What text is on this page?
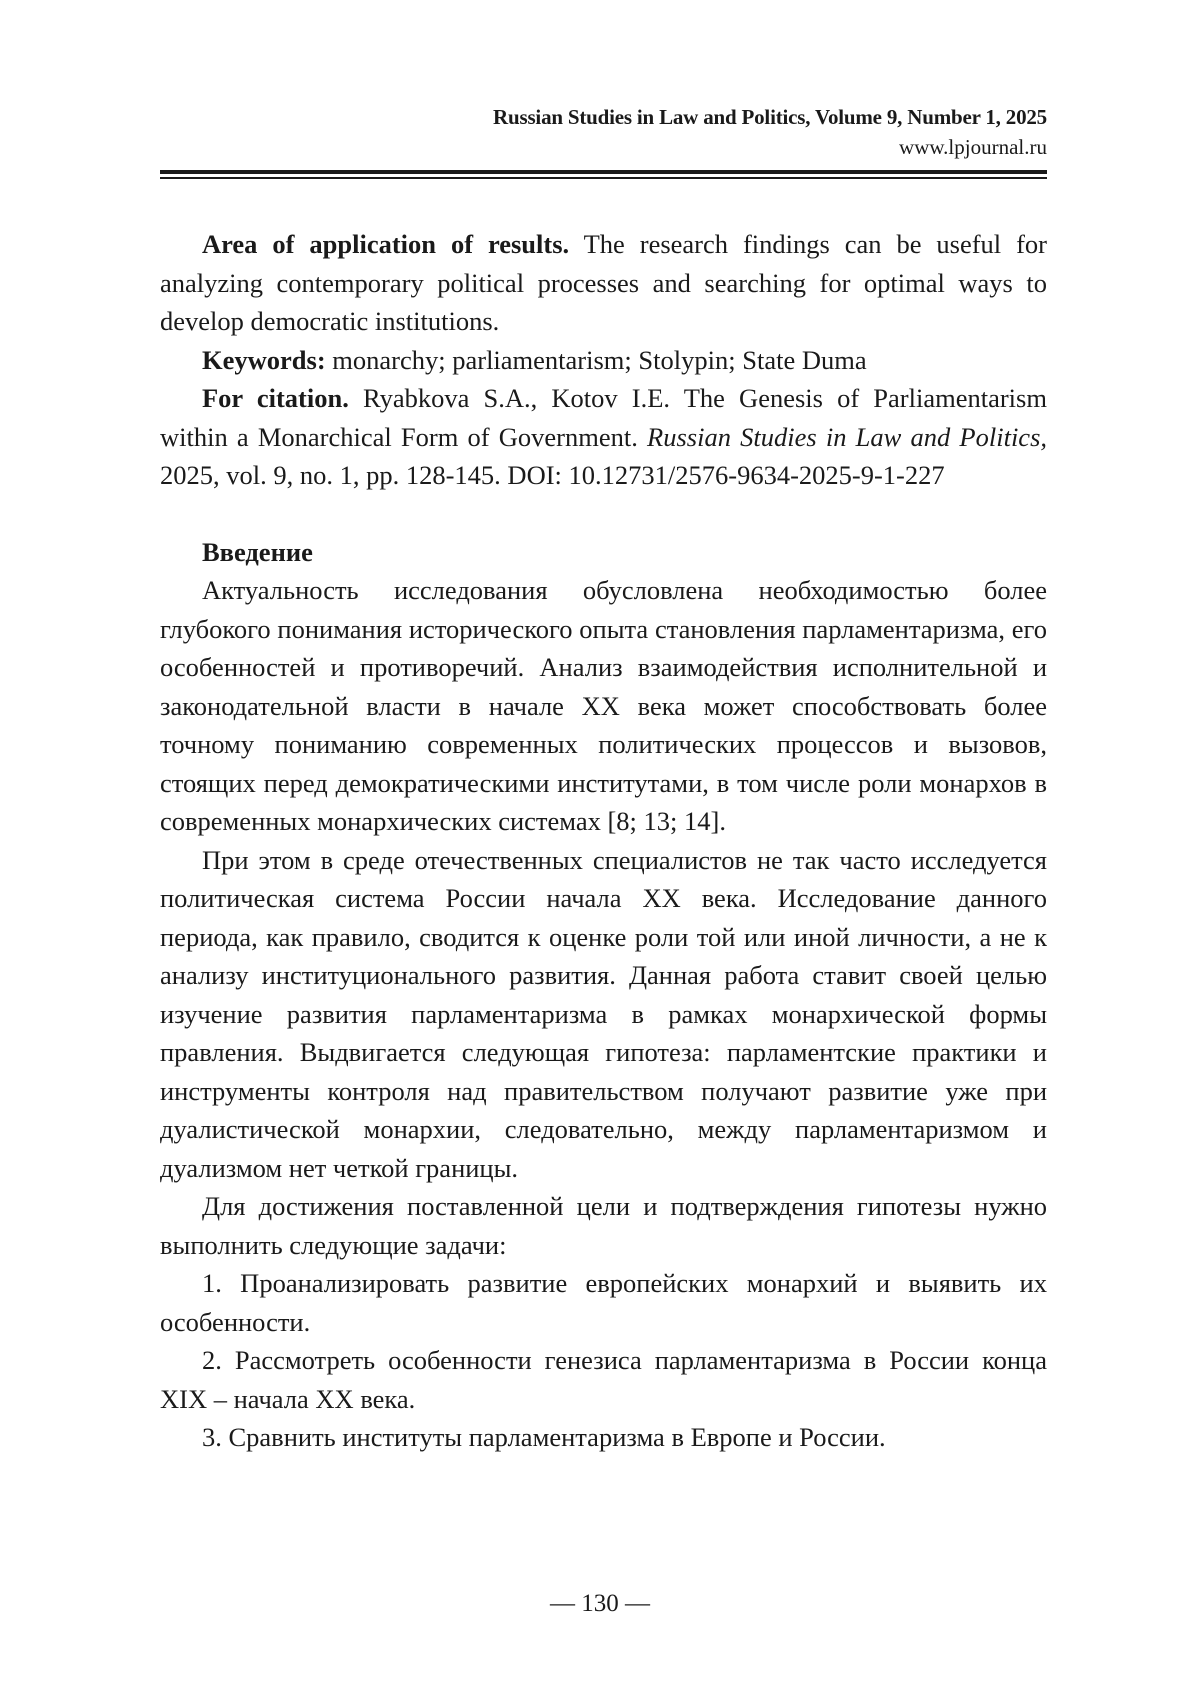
Russian Studies in Law and Politics, Volume 9, Number 1, 2025
www.lpjournal.ru

Area of application of results. The research findings can be useful for analyzing contemporary political processes and searching for optimal ways to develop democratic institutions.

Keywords: monarchy; parliamentarism; Stolypin; State Duma

For citation. Ryabkova S.A., Kotov I.E. The Genesis of Parliamentarism within a Monarchical Form of Government. Russian Studies in Law and Politics, 2025, vol. 9, no. 1, pp. 128-145. DOI: 10.12731/2576-9634-2025-9-1-227

Введение

Актуальность исследования обусловлена необходимостью более глубокого понимания исторического опыта становления парламентаризма, его особенностей и противоречий. Анализ взаимодействия исполнительной и законодательной власти в начале XX века может способствовать более точному пониманию современных политических процессов и вызовов, стоящих перед демократическими институтами, в том числе роли монархов в современных монархических системах [8; 13; 14].

При этом в среде отечественных специалистов не так часто исследуется политическая система России начала XX века. Исследование данного периода, как правило, сводится к оценке роли той или иной личности, а не к анализу институционального развития. Данная работа ставит своей целью изучение развития парламентаризма в рамках монархической формы правления. Выдвигается следующая гипотеза: парламентские практики и инструменты контроля над правительством получают развитие уже при дуалистической монархии, следовательно, между парламентаризмом и дуализмом нет четкой границы.

Для достижения поставленной цели и подтверждения гипотезы нужно выполнить следующие задачи:

1. Проанализировать развитие европейских монархий и выявить их особенности.

2. Рассмотреть особенности генезиса парламентаризма в России конца XIX – начала XX века.

3. Сравнить институты парламентаризма в Европе и России.

— 130 —
